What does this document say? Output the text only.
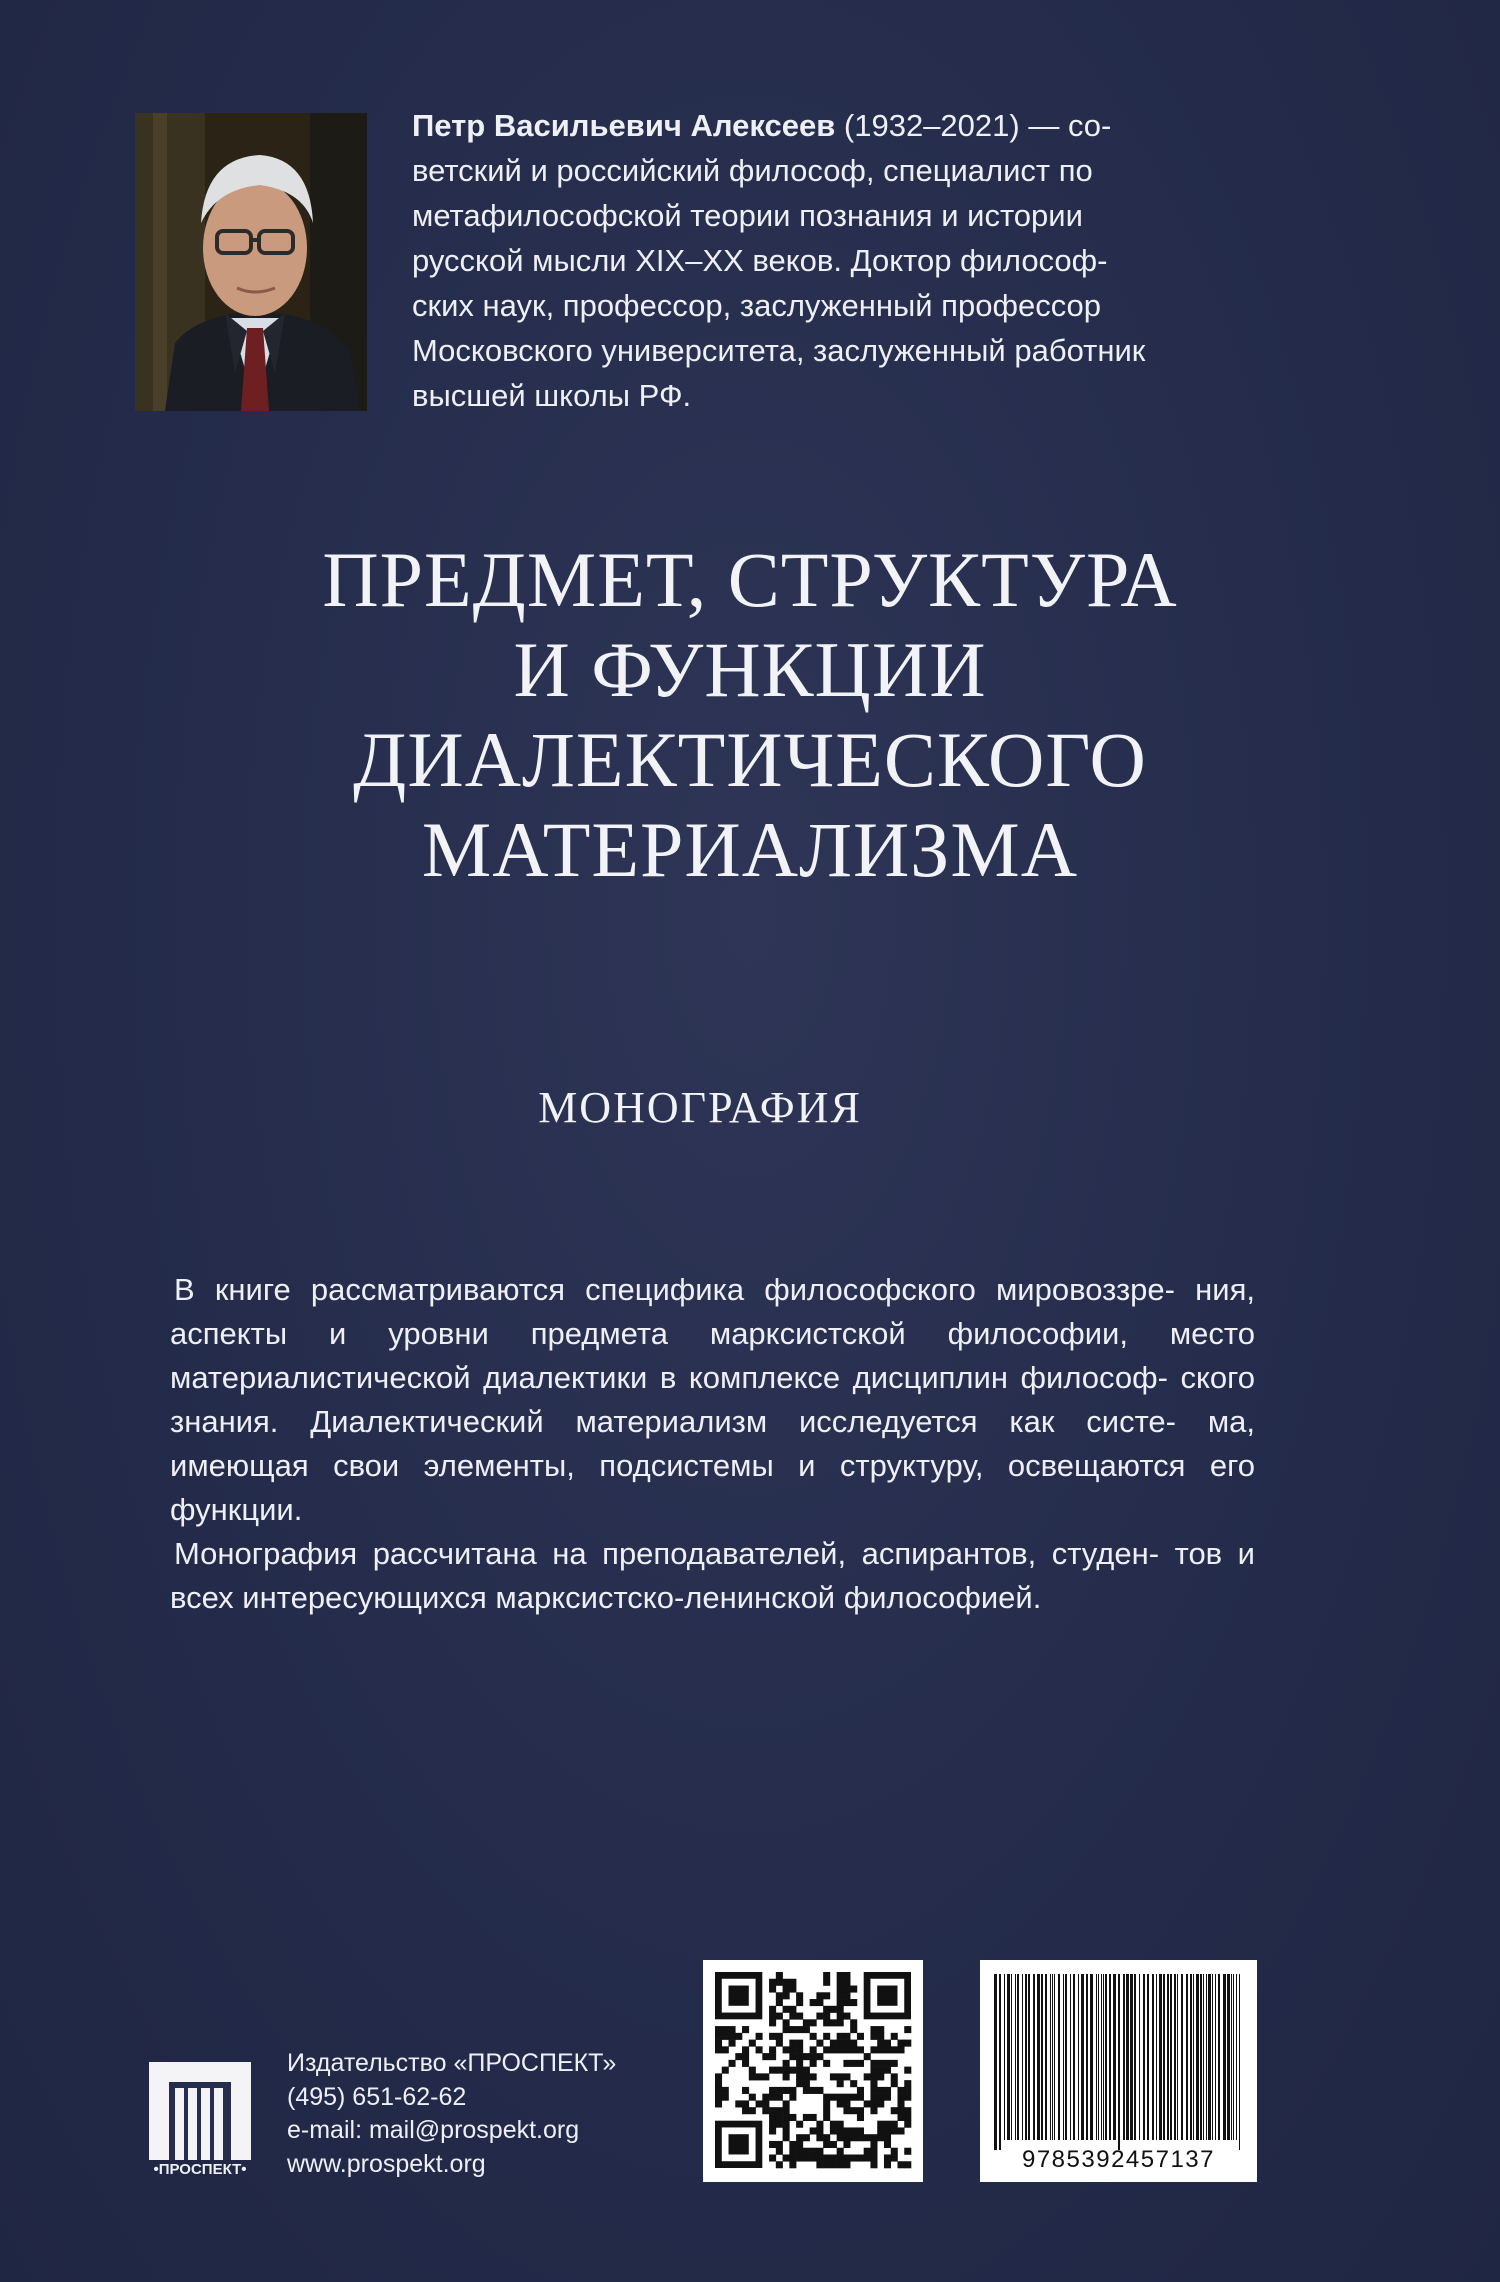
Петр Васильевич Алексеев (1932–2021) — со-
ветский и российский философ, специалист по
метафилософской теории познания и истории
русской мысли XIX–XX веков. Доктор философ-
ских наук, профессор, заслуженный профессор
Московского университета, заслуженный работник
высшей школы РФ.
ПРЕДМЕТ, СТРУКТУРА
И ФУНКЦИИ
ДИАЛЕКТИЧЕСКОГО
МАТЕРИАЛИЗМА
МОНОГРАФИЯ

В книге рассматриваются специфика философского мировоззре- ния, аспекты и уровни предмета марксистской философии, место материалистической диалектики в комплексе дисциплин философ- ского знания. Диалектический материализм исследуется как систе- ма, имеющая свои элементы, подсистемы и структуру, освещаются его функции.

Монография рассчитана на преподавателей, аспирантов, студен- тов и всех интересующихся марксистско-ленинской философией.

•ПРОСПЕКТ•
Издательство «ПРОСПЕКТ»
(495) 651-62-62
e-mail: mail@prospekt.org
www.prospekt.org	9785392457137
